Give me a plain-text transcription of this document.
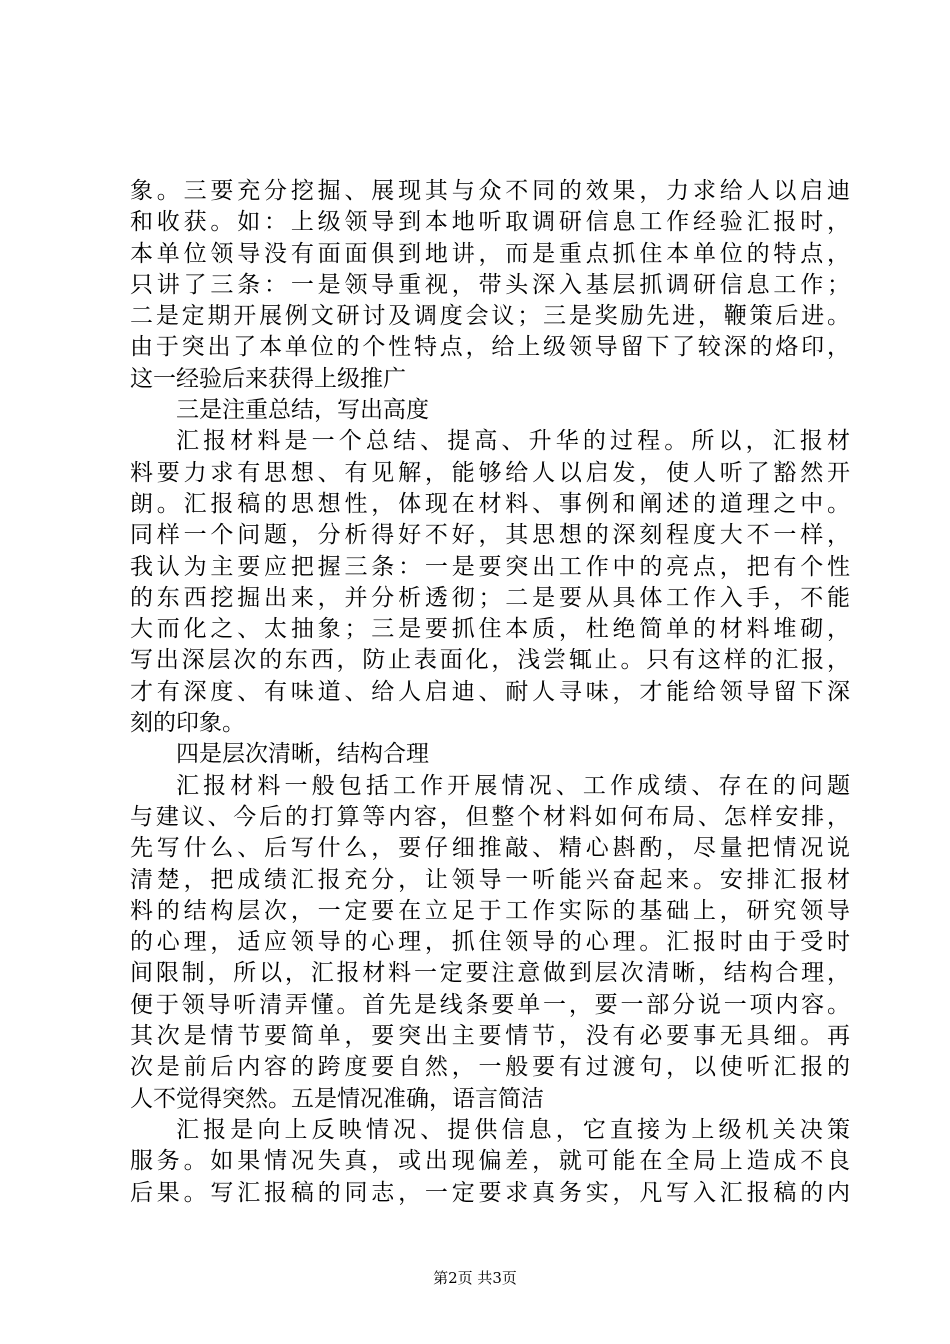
象。三要充分挖掘、展现其与众不同的效果，力求给人以启迪
和收获。如：上级领导到本地听取调研信息工作经验汇报时，
本单位领导没有面面俱到地讲，而是重点抓住本单位的特点，
只讲了三条：一是领导重视，带头深入基层抓调研信息工作；
二是定期开展例文研讨及调度会议；三是奖励先进，鞭策后进。
由于突出了本单位的个性特点，给上级领导留下了较深的烙印，
这一经验后来获得上级推广
三是注重总结，写出高度
汇报材料是一个总结、提高、升华的过程。所以，汇报材
料要力求有思想、有见解，能够给人以启发，使人听了豁然开
朗。汇报稿的思想性，体现在材料、事例和阐述的道理之中。
同样一个问题，分析得好不好，其思想的深刻程度大不一样，
我认为主要应把握三条：一是要突出工作中的亮点，把有个性
的东西挖掘出来，并分析透彻；二是要从具体工作入手，不能
大而化之、太抽象；三是要抓住本质，杜绝简单的材料堆砌，
写出深层次的东西，防止表面化，浅尝辄止。只有这样的汇报，
才有深度、有味道、给人启迪、耐人寻味，才能给领导留下深
刻的印象。
四是层次清晰，结构合理
汇报材料一般包括工作开展情况、工作成绩、存在的问题
与建议、今后的打算等内容，但整个材料如何布局、怎样安排，
先写什么、后写什么，要仔细推敲、精心斟酌，尽量把情况说
清楚，把成绩汇报充分，让领导一听能兴奋起来。安排汇报材
料的结构层次，一定要在立足于工作实际的基础上，研究领导
的心理，适应领导的心理，抓住领导的心理。汇报时由于受时
间限制，所以，汇报材料一定要注意做到层次清晰，结构合理，
便于领导听清弄懂。首先是线条要单一，要一部分说一项内容。
其次是情节要简单，要突出主要情节，没有必要事无具细。再
次是前后内容的跨度要自然，一般要有过渡句，以使听汇报的
人不觉得突然。五是情况准确，语言简洁
汇报是向上反映情况、提供信息，它直接为上级机关决策
服务。如果情况失真，或出现偏差，就可能在全局上造成不良
后果。写汇报稿的同志，一定要求真务实，凡写入汇报稿的内
第2页 共3页
